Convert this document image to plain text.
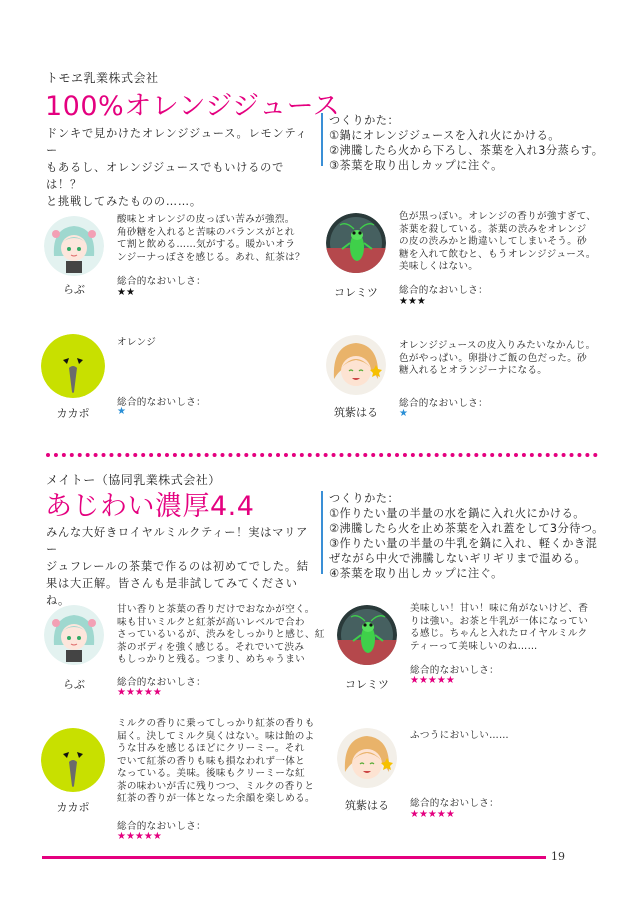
トモヱ乳業株式会社
100%オレンジジュース
ドンキで見かけたオレンジジュース。レモンティー
もあるし、オレンジジュースでもいけるのでは！？
と挑戦してみたものの……。
つくりかた：
①鍋にオレンジジュースを入れ火にかける。
②沸騰したら火から下ろし、茶葉を入れ3分蒸らす。
③茶葉を取り出しカップに注ぐ。
らぶ
酸味とオレンジの皮っぽい苦みが強烈。
角砂糖を入れると苦味のバランスがとれ
て割と飲める……気がする。暖かいオラ
ンジーナっぽさを感じる。あれ、紅茶は？
総合的なおいしさ：
★★	コレミツ
色が黒っぽい。オレンジの香りが強すぎて、
茶葉を殺している。茶葉の渋みをオレンジ
の皮の渋みかと勘違いしてしまいそう。砂
糖を入れて飲むと、もうオレンジジュース。
美味しくはない。
総合的なおいしさ：
★★★
カカポ
オレンジ
総合的なおいしさ：
★	筑紫はる
オレンジジュースの皮入りみたいなかんじ。
色がやっぱい。卵掛けご飯の色だった。砂
糖入れるとオランジーナになる。
総合的なおいしさ：
★
メイトー（協同乳業株式会社）
あじわい濃厚4.4
みんな大好きロイヤルミルクティー！実はマリアー
ジュフレールの茶葉で作るのは初めてでした。結
果は大正解。皆さんも是非試してみてくださいね。
つくりかた：
①作りたい量の半量の水を鍋に入れ火にかける。
②沸騰したら火を止め茶葉を入れ蓋をして3分待つ。
③作りたい量の半量の牛乳を鍋に入れ、軽くかき混
ぜながら中火で沸騰しないギリギリまで温める。
④茶葉を取り出しカップに注ぐ。
らぶ
甘い香りと茶葉の香りだけでおなかが空く。
味も甘いミルクと紅茶が高いレベルで合わ
さっているいるが、渋みをしっかりと感じ、紅
茶のボディを強く感じる。それでいて渋み
もしっかりと残る。つまり、めちゃうまい
総合的なおいしさ：
★★★★★
コレミツ
美味しい！甘い！味に角がないけど、香
りは強い。お茶と牛乳が一体になってい
る感じ。ちゃんと入れたロイヤルミルク
ティーって美味しいのね……
総合的なおいしさ：
★★★★★
カカポ
ミルクの香りに乗ってしっかり紅茶の香りも
届く。決してミルク臭くはない。味は飴のよ
うな甘みを感じるほどにクリーミー。それ
でいて紅茶の香りも味も損なわれず一体と
なっている。美味。後味もクリーミーな紅
茶の味わいが舌に残りつつ、ミルクの香りと
紅茶の香りが一体となった余韻を楽しめる。
総合的なおいしさ：
★★★★★
筑紫はる
ふつうにおいしい……
総合的なおいしさ：
★★★★★
19
